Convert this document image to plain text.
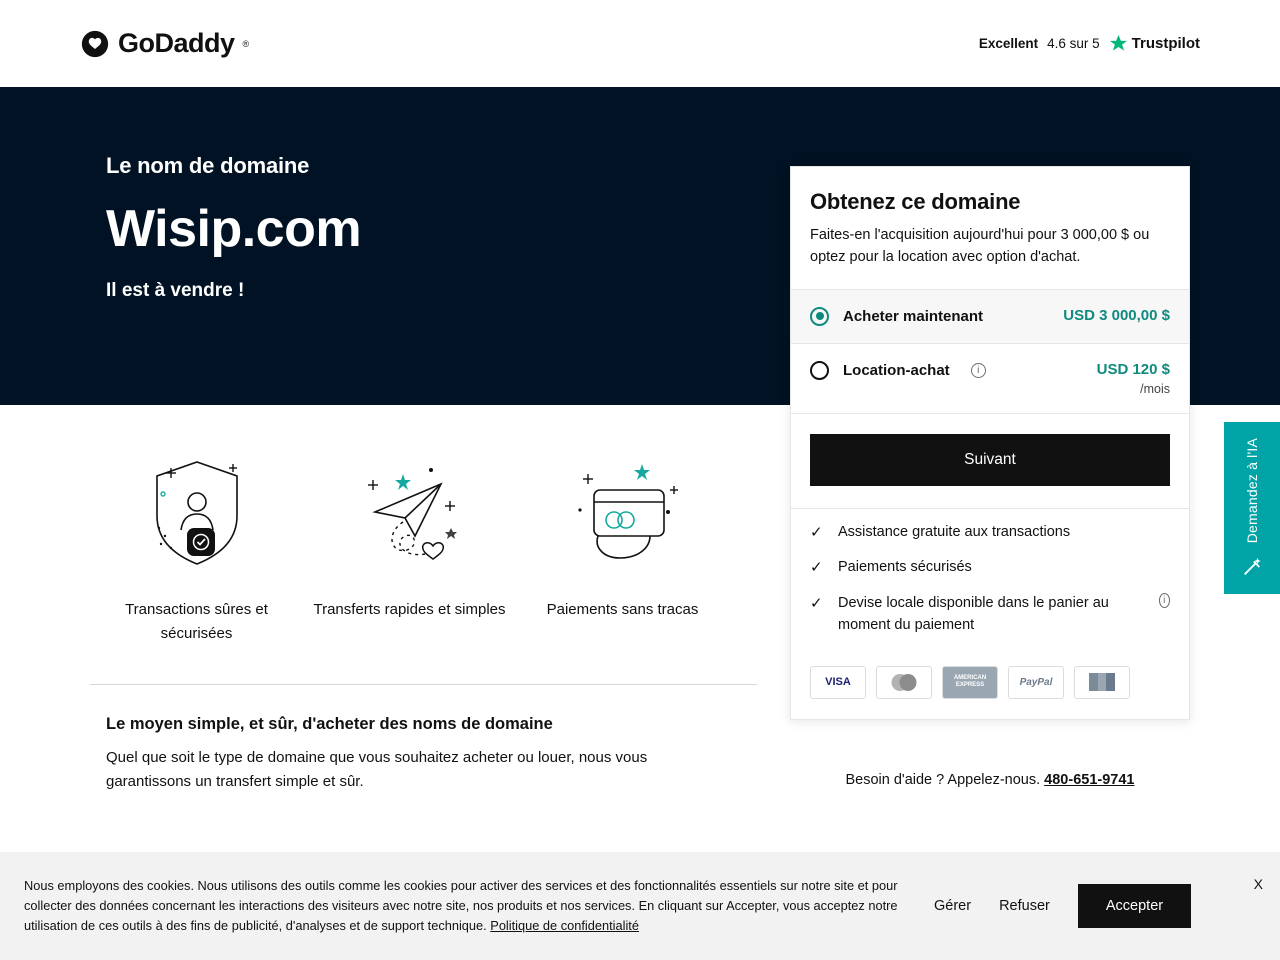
GoDaddy ®	Excellent 4.6 sur 5 Trustpilot
Le nom de domaine
Wisip.com
Il est à vendre !
Transactions sûres et sécurisées
Transferts rapides et simples	Paiements sans tracas
Le moyen simple, et sûr, d'acheter des noms de domaine
Quel que soit le type de domaine que vous souhaitez acheter ou louer, nous vous garantissons un transfert simple et sûr.
Obtenez ce domaine
Faites-en l'acquisition aujourd'hui pour 3 000,00 $ ou optez pour la location avec option d'achat.
Acheter maintenant	USD 3 000,00 $
Location-achat	i	USD 120 $
/mois
Suivant
✓ Assistance gratuite aux transactions
✓ Paiements sécurisés
✓ Devise locale disponible dans le panier au moment du paiement
i
VISA	AMERICAN EXPRESS	PayPal
Besoin d'aide ? Appelez-nous. 480-651-9741
Demandez à l'IA
Nous employons des cookies. Nous utilisons des outils comme les cookies pour activer des services et des fonctionnalités essentiels sur notre site et pour collecter des données concernant les interactions des visiteurs avec notre site, nos produits et nos services. En cliquant sur Accepter, vous acceptez notre utilisation de ces outils à des fins de publicité, d'analyses et de support technique. Politique de confidentialité
Gérer Refuser	Accepter
X
